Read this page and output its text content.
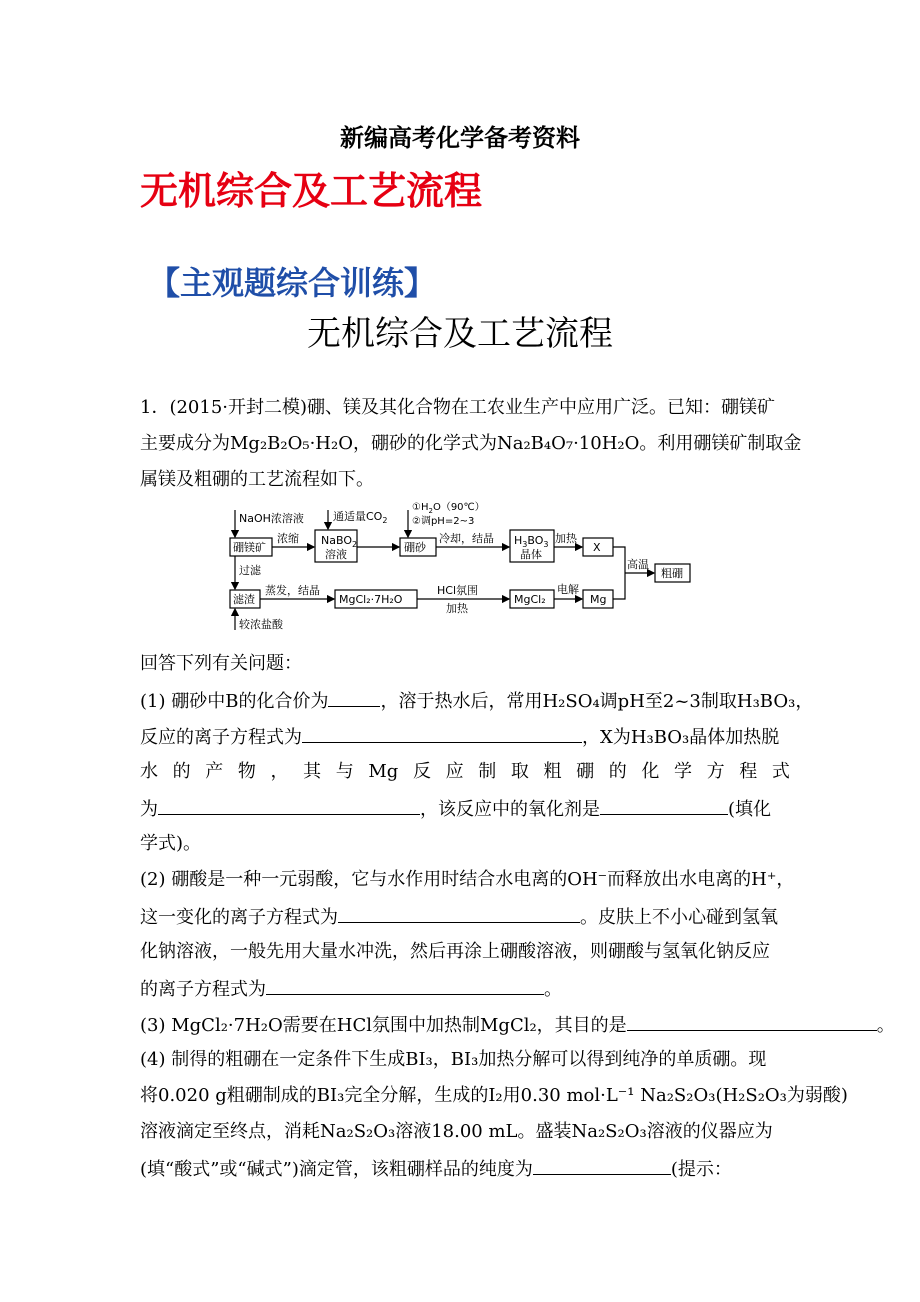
新编高考化学备考资料
无机综合及工艺流程
【主观题综合训练】
无机综合及工艺流程
1．(2015·开封二模)硼、镁及其化合物在工农业生产中应用广泛。已知：硼镁矿
主要成分为Mg₂B₂O₅·H₂O，硼砂的化学式为Na₂B₄O₇·10H₂O。利用硼镁矿制取金
属镁及粗硼的工艺流程如下。
NaOH浓溶液
硼镁矿
浓缩 NaBO$_2$
溶液
通适量$CO_2$
硼砂
$①H_2O(90℃)$
②调pH=2~3
冷却，结晶 $H_3BO_3$
晶体
加热
X
高温
粗硼
过滤
滤渣
蒸发，结晶
MgCl₂·7H₂O
HCl氛围
加热
MgCl₂
电解
Mg
较浓盐酸
回答下列有关问题：
(1) 硼砂中B的化合价为	，溶于热水后，常用H₂SO₄调pH至2~3制取H₃BO₃，
反应的离子方程式为	，X为H₃BO₃晶体加热脱
水 的 产 物 ， 其 与 Mg 反 应 制 取 粗 硼 的 化 学 方 程 式
为	，该反应中的氧化剂是	(填化
学式)。
(2) 硼酸是一种一元弱酸，它与水作用时结合水电离的OH⁻而释放出水电离的H⁺，
这一变化的离子方程式为	。皮肤上不小心碰到氢氧
化钠溶液，一般先用大量水冲洗，然后再涂上硼酸溶液，则硼酸与氢氧化钠反应
的离子方程式为	。
(3) MgCl₂·7H₂O需要在HCl氛围中加热制MgCl₂，其目的是	。
(4) 制得的粗硼在一定条件下生成BI₃，BI₃加热分解可以得到纯净的单质硼。现
将0.020 g粗硼制成的BI₃完全分解，生成的I₂用0.30 mol·L⁻¹ Na₂S₂O₃(H₂S₂O₃为弱酸)
溶液滴定至终点，消耗Na₂S₂O₃溶液18.00 mL。盛装Na₂S₂O₃溶液的仪器应为
(填“酸式”或“碱式”)滴定管，该粗硼样品的纯度为	(提示：
